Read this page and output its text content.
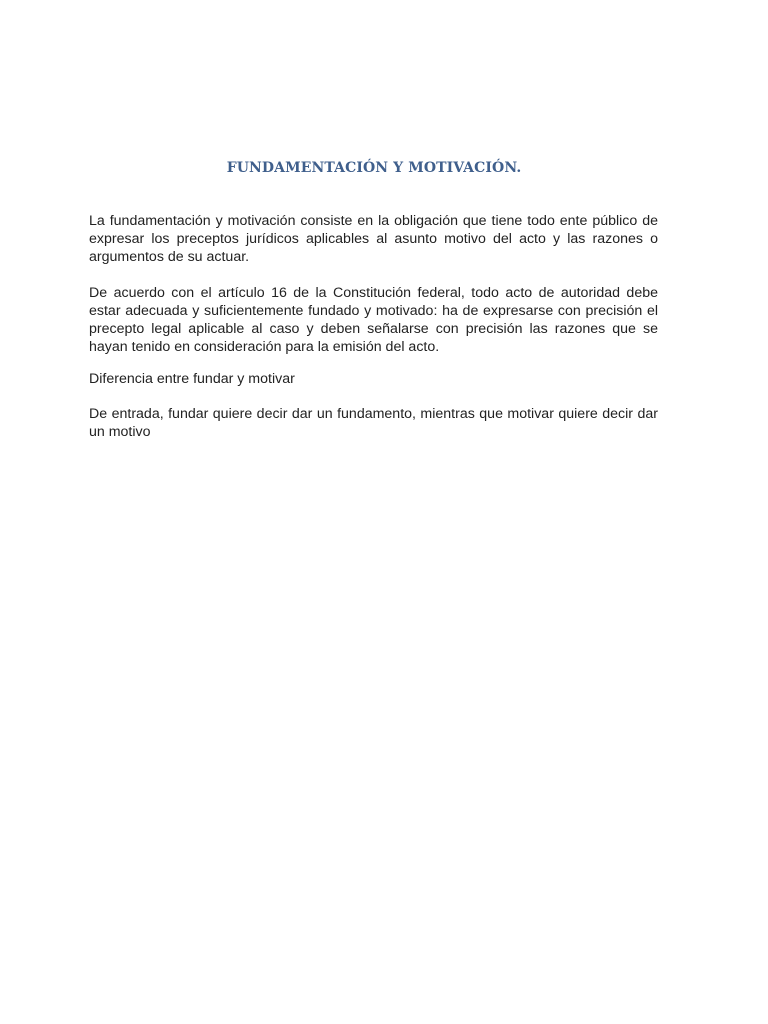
FUNDAMENTACIÓN Y MOTIVACIÓN.

La fundamentación y motivación consiste en la obligación que tiene todo ente público de expresar los preceptos jurídicos aplicables al asunto motivo del acto y las razones o argumentos de su actuar.

De acuerdo con el artículo 16 de la Constitución federal, todo acto de autoridad debe estar adecuada y suficientemente fundado y motivado: ha de expresarse con precisión el precepto legal aplicable al caso y deben señalarse con precisión las razones que se hayan tenido en consideración para la emisión del acto.

Diferencia entre fundar y motivar

De entrada, fundar quiere decir dar un fundamento, mientras que motivar quiere decir dar un motivo
